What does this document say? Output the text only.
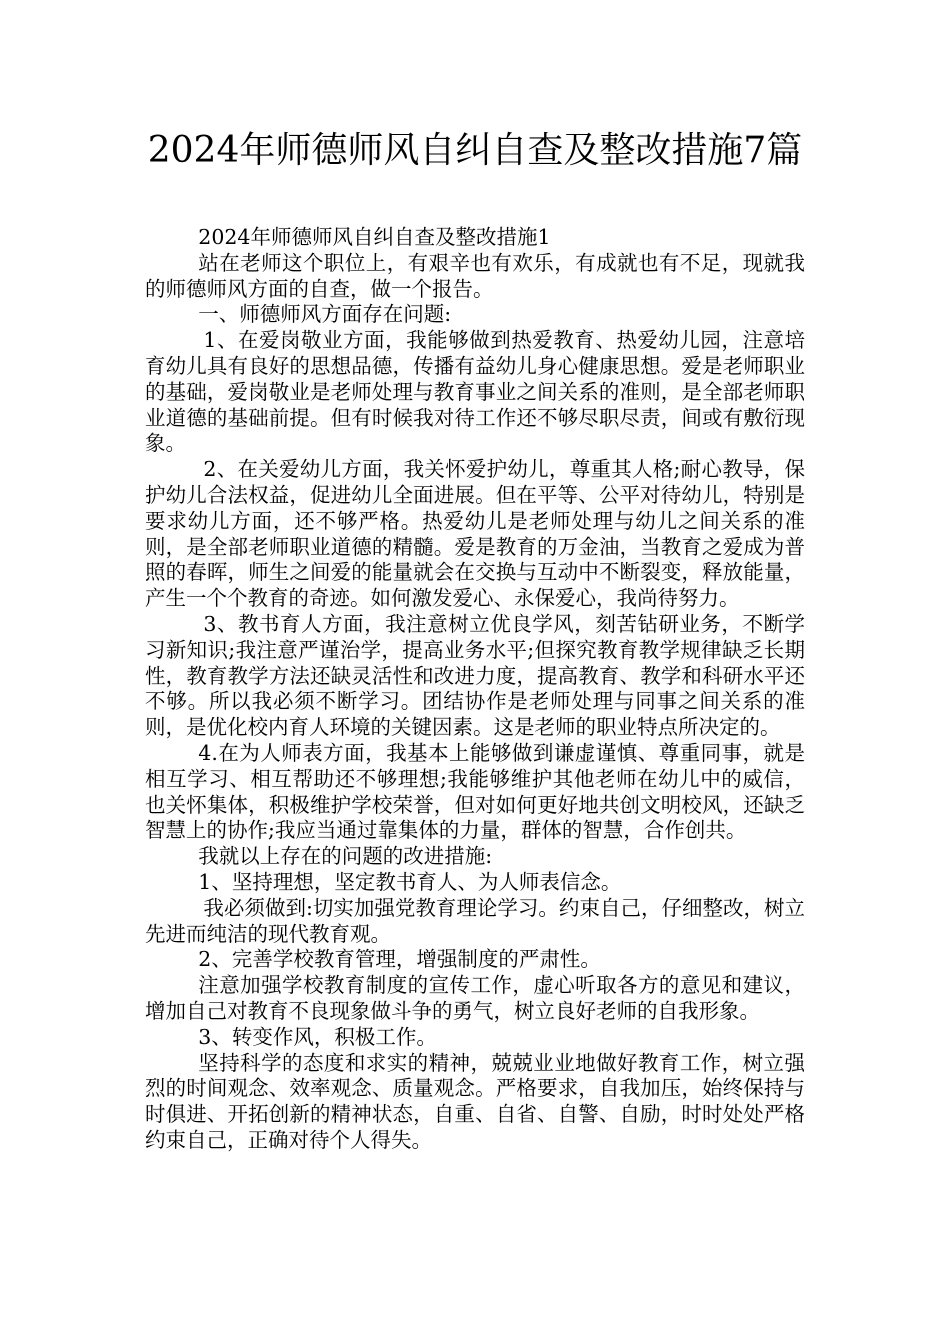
2024年师德师风自纠自查及整改措施7篇

2024年师德师风自纠自查及整改措施1

站在老师这个职位上，有艰辛也有欢乐，有成就也有不足，现就我的师德师风方面的自查，做一个报告。

一、师德师风方面存在问题:

1、在爱岗敬业方面，我能够做到热爱教育、热爱幼儿园，注意培育幼儿具有良好的思想品德，传播有益幼儿身心健康思想。爱是老师职业的基础，爱岗敬业是老师处理与教育事业之间关系的准则，是全部老师职业道德的基础前提。但有时候我对待工作还不够尽职尽责，间或有敷衍现象。

2、在关爱幼儿方面，我关怀爱护幼儿，尊重其人格;耐心教导，保护幼儿合法权益，促进幼儿全面进展。但在平等、公平对待幼儿，特别是要求幼儿方面，还不够严格。热爱幼儿是老师处理与幼儿之间关系的准则，是全部老师职业道德的精髓。爱是教育的万金油，当教育之爱成为普照的春晖，师生之间爱的能量就会在交换与互动中不断裂变，释放能量，产生一个个教育的奇迹。如何激发爱心、永保爱心，我尚待努力。

3、教书育人方面，我注意树立优良学风，刻苦钻研业务，不断学习新知识;我注意严谨治学，提高业务水平;但探究教育教学规律缺乏长期性，教育教学方法还缺灵活性和改进力度，提高教育、教学和科研水平还不够。所以我必须不断学习。团结协作是老师处理与同事之间关系的准则，是优化校内育人环境的关键因素。这是老师的职业特点所决定的。

4.在为人师表方面，我基本上能够做到谦虚谨慎、尊重同事，就是相互学习、相互帮助还不够理想;我能够维护其他老师在幼儿中的威信，也关怀集体，积极维护学校荣誉，但对如何更好地共创文明校风，还缺乏智慧上的协作;我应当通过靠集体的力量，群体的智慧，合作创共。

我就以上存在的问题的改进措施:

1、坚持理想，坚定教书育人、为人师表信念。

我必须做到:切实加强党教育理论学习。约束自己，仔细整改，树立先进而纯洁的现代教育观。

2、完善学校教育管理，增强制度的严肃性。

注意加强学校教育制度的宣传工作，虚心听取各方的意见和建议，增加自己对教育不良现象做斗争的勇气，树立良好老师的自我形象。

3、转变作风，积极工作。

坚持科学的态度和求实的精神，兢兢业业地做好教育工作，树立强烈的时间观念、效率观念、质量观念。严格要求，自我加压，始终保持与时俱进、开拓创新的精神状态，自重、自省、自警、自励，时时处处严格约束自己，正确对待个人得失。
